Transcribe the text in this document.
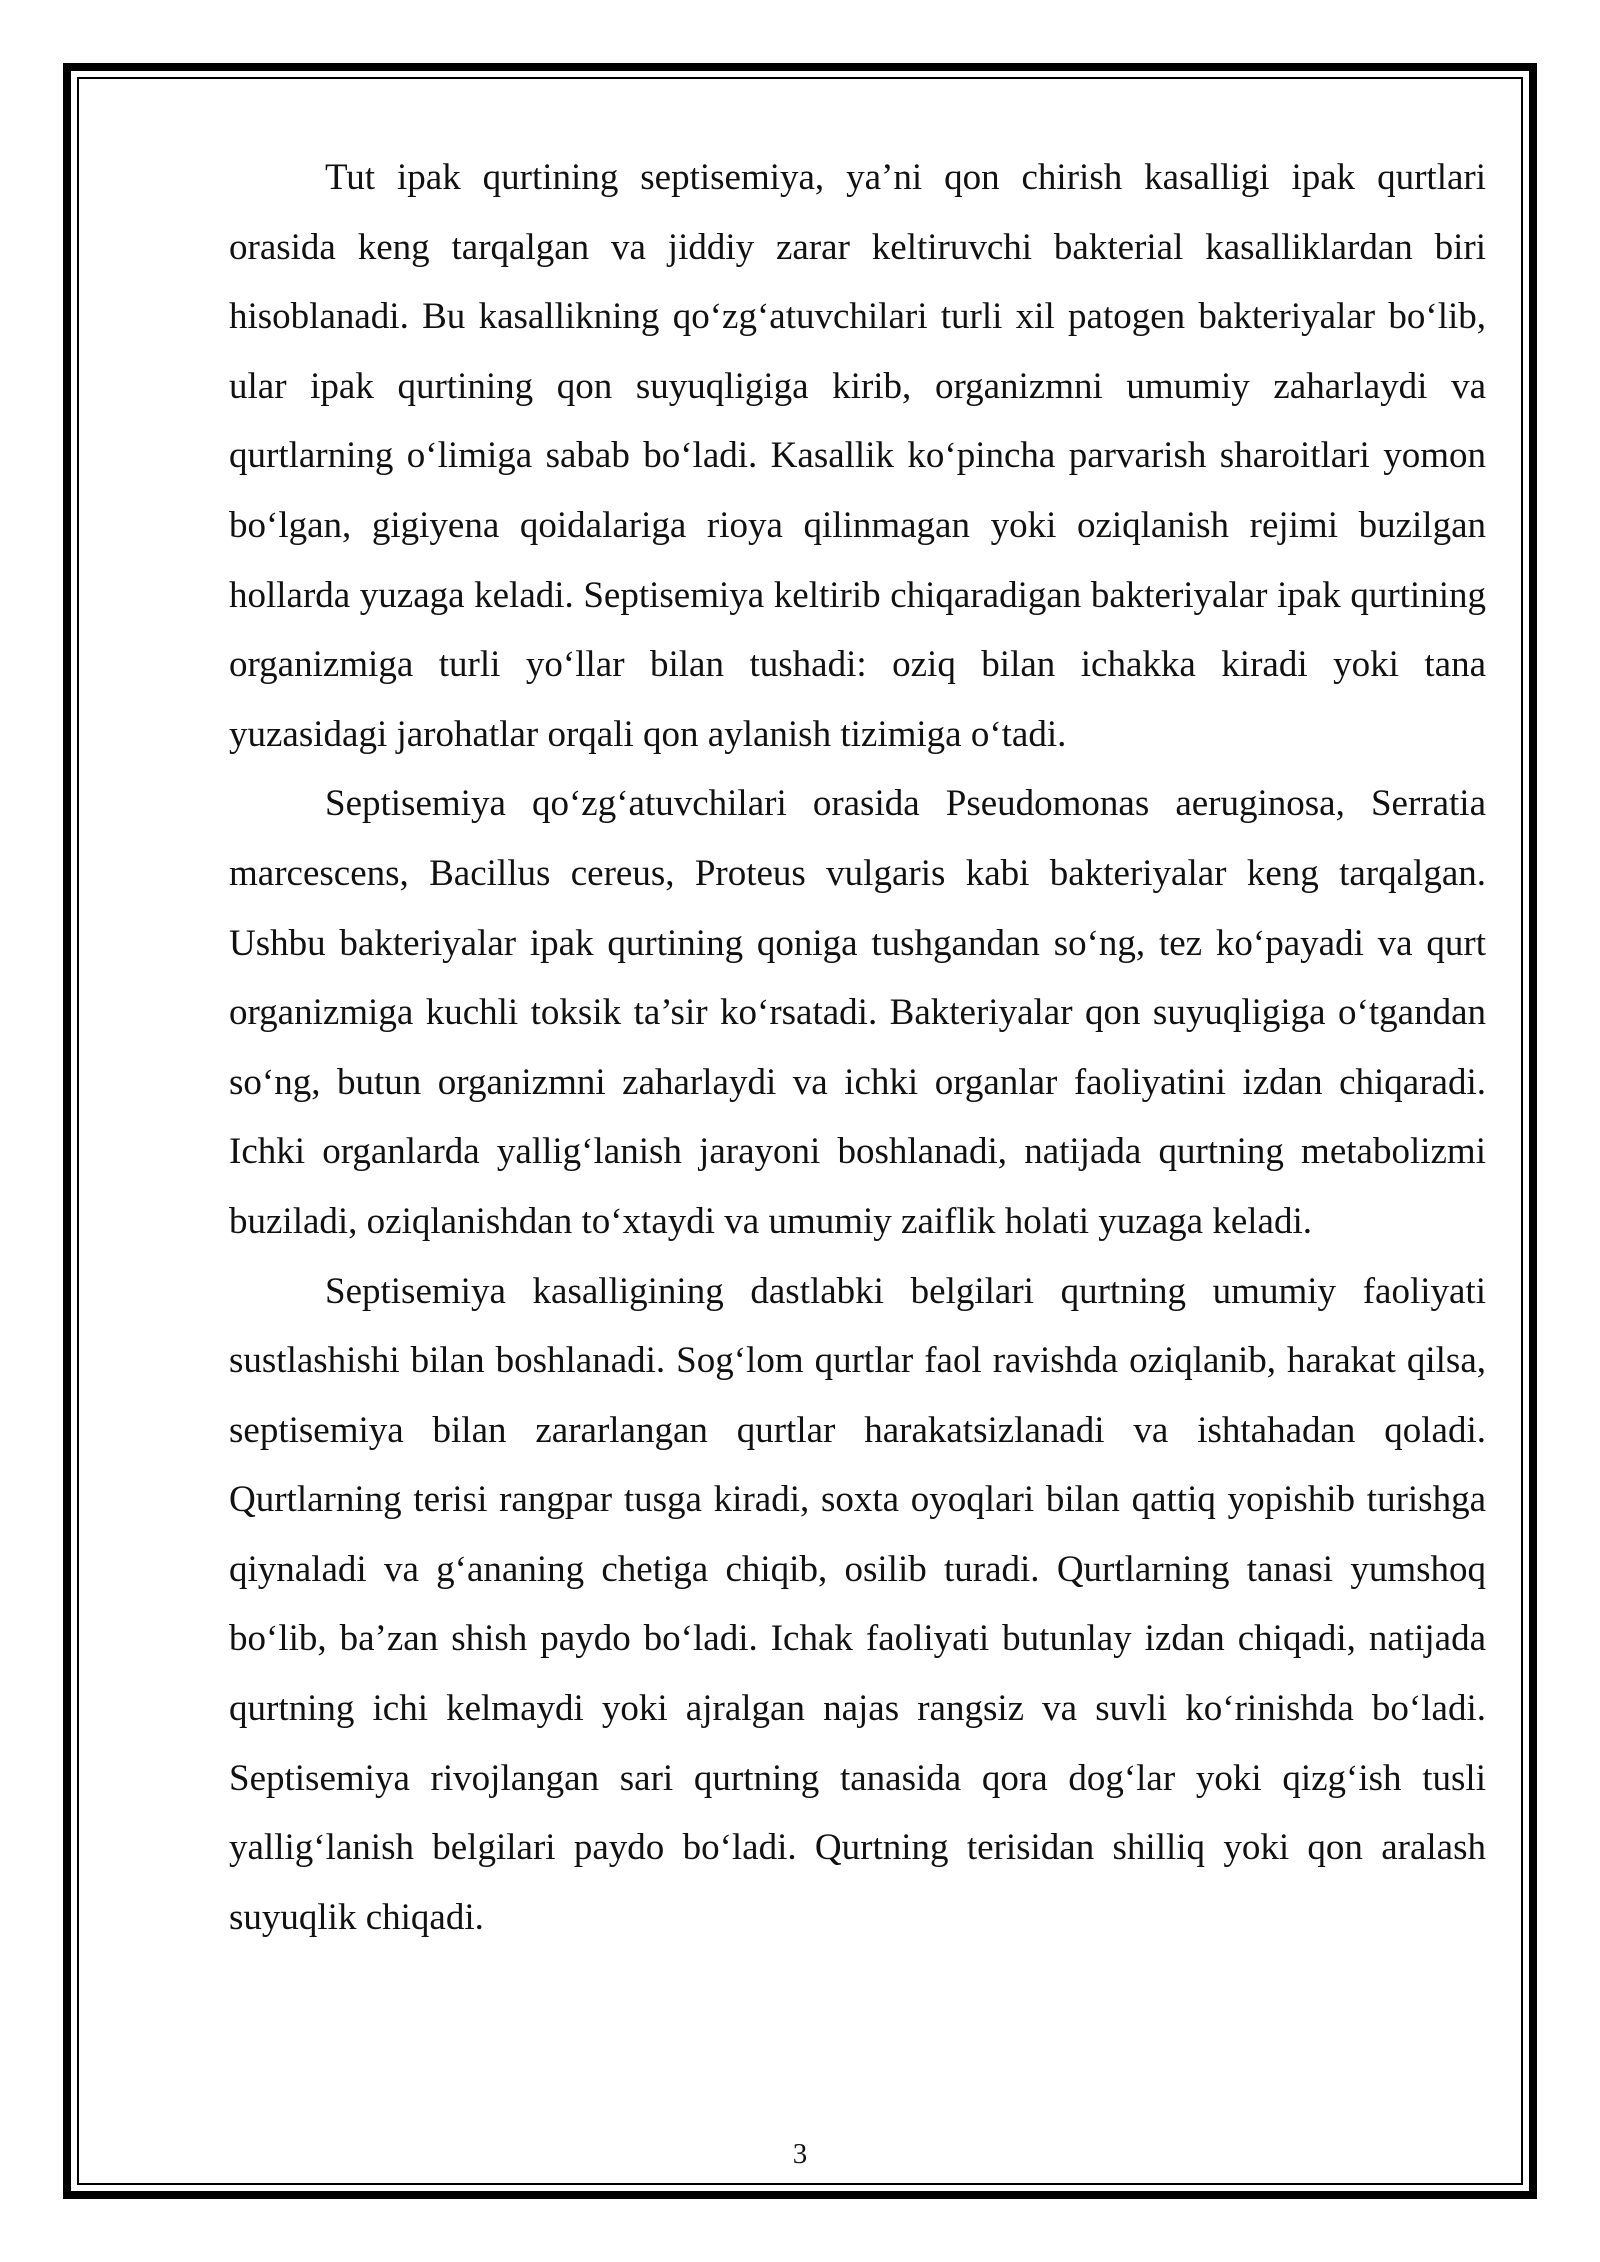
Tut ipak qurtining septisemiya, ya’ni qon chirish kasalligi ipak qurtlari orasida keng tarqalgan va jiddiy zarar keltiruvchi bakterial kasalliklardan biri hisoblanadi. Bu kasallikning qo‘zg‘atuvchilari turli xil patogen bakteriyalar bo‘lib, ular ipak qurtining qon suyuqligiga kirib, organizmni umumiy zaharlaydi va qurtlarning o‘limiga sabab bo‘ladi. Kasallik ko‘pincha parvarish sharoitlari yomon bo‘lgan, gigiyena qoidalariga rioya qilinmagan yoki oziqlanish rejimi buzilgan hollarda yuzaga keladi. Septisemiya keltirib chiqaradigan bakteriyalar ipak qurtining organizmiga turli yo‘llar bilan tushadi: oziq bilan ichakka kiradi yoki tana yuzasidagi jarohatlar orqali qon aylanish tizimiga o‘tadi.

Septisemiya qo‘zg‘atuvchilari orasida Pseudomonas aeruginosa, Serratia marcescens, Bacillus cereus, Proteus vulgaris kabi bakteriyalar keng tarqalgan. Ushbu bakteriyalar ipak qurtining qoniga tushgandan so‘ng, tez ko‘payadi va qurt organizmiga kuchli toksik ta’sir ko‘rsatadi. Bakteriyalar qon suyuqligiga o‘tgandan so‘ng, butun organizmni zaharlaydi va ichki organlar faoliyatini izdan chiqaradi. Ichki organlarda yallig‘lanish jarayoni boshlanadi, natijada qurtning metabolizmi buziladi, oziqlanishdan to‘xtaydi va umumiy zaiflik holati yuzaga keladi.

Septisemiya kasalligining dastlabki belgilari qurtning umumiy faoliyati sustlashishi bilan boshlanadi. Sog‘lom qurtlar faol ravishda oziqlanib, harakat qilsa, septisemiya bilan zararlangan qurtlar harakatsizlanadi va ishtahadan qoladi. Qurtlarning terisi rangpar tusga kiradi, soxta oyoqlari bilan qattiq yopishib turishga qiynaladi va g‘ananing chetiga chiqib, osilib turadi. Qurtlarning tanasi yumshoq bo‘lib, ba’zan shish paydo bo‘ladi. Ichak faoliyati butunlay izdan chiqadi, natijada qurtning ichi kelmaydi yoki ajralgan najas rangsiz va suvli ko‘rinishda bo‘ladi. Septisemiya rivojlangan sari qurtning tanasida qora dog‘lar yoki qizg‘ish tusli yallig‘lanish belgilari paydo bo‘ladi. Qurtning terisidan shilliq yoki qon aralash suyuqlik chiqadi.

3
